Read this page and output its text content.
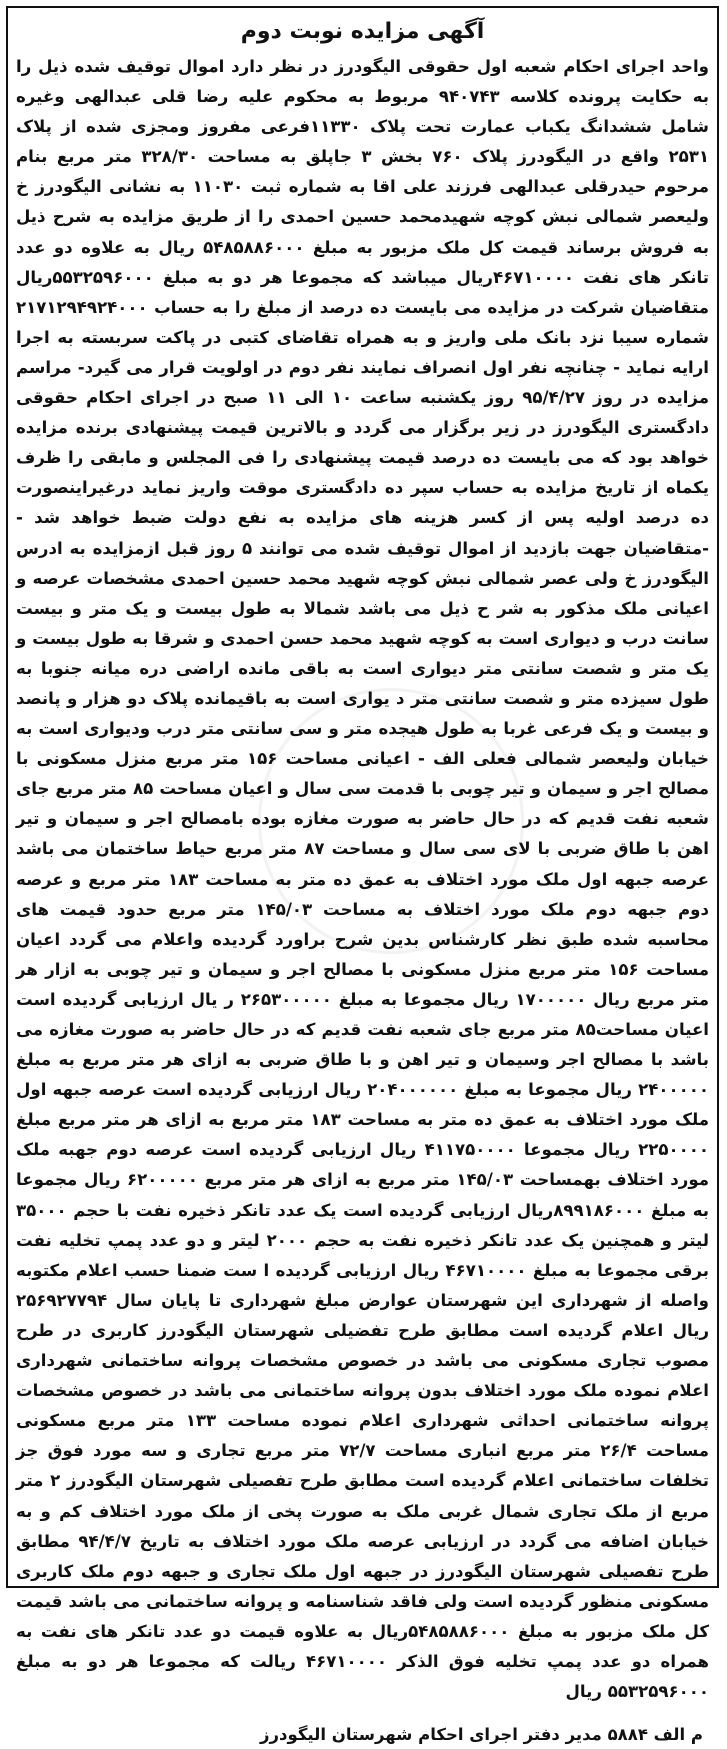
آگهی مزایده نوبت دوم

واحد اجرای احکام شعبه اول حقوقی الیگودرز در نظر دارد اموال توقیف شده ذیل را به حکایت پرونده کلاسه ۹۴۰۷۴۳ مربوط به محکوم علیه رضا قلی عبدالهی وغیره شامل ششدانگ یکباب عمارت تحت پلاک ۱۱۳۳۰فرعی مفروز ومجزی شده از پلاک ۲۵۳۱ واقع در الیگودرز پلاک ۷۶۰ بخش ۳ جاپلق به مساحت ۳۲۸/۳۰ متر مربع بنام مرحوم حیدرقلی عبدالهی فرزند علی اقا به شماره ثبت ۱۱۰۳۰ به نشانی الیگودرز خ ولیعصر شمالی نبش کوچه شهیدمحمد حسین احمدی را از طریق مزایده به شرح ذیل به فروش برساند قیمت کل ملک مزبور به مبلغ ۵۴۸۵۸۸۶۰۰۰ ریال به علاوه دو عدد تانکر های نفت ۴۶۷۱۰۰۰۰ریال میباشد که مجموعا هر دو به مبلغ ۵۵۳۲۵۹۶۰۰۰ریال متقاضیان شرکت در مزایده می بایست ده درصد از مبلغ را به حساب ۲۱۷۱۲۹۴۹۲۴۰۰۰ شماره سیبا نزد بانک ملی واریز و به همراه تقاضای کتبی در پاکت سربسته به اجرا ارایه نماید - چنانچه نفر اول انصراف نمایند نفر دوم در اولویت قرار می گیرد- مراسم مزایده در روز ۹۵/۴/۲۷ روز یکشنبه ساعت ۱۰ الی ۱۱ صبح در اجرای احکام حقوقی دادگستری الیگودرز در زیر برگزار می گردد و بالاترین قیمت پیشنهادی برنده مزایده خواهد بود که می بایست ده درصد قیمت پیشنهادی را فی المجلس و مابقی را ظرف یکماه از تاریخ مزایده به حساب سپر ده دادگستری موقت واریز نماید درغیراینصورت ده درصد اولیه پس از کسر هزینه های مزایده به نفع دولت ضبط خواهد شد - -متقاضیان جهت بازدید از اموال توقیف شده می توانند ۵ روز قبل ازمزایده به ادرس الیگودرز خ ولی عصر شمالی نبش کوچه شهید محمد حسین احمدی مشخصات عرصه و اعیانی ملک مذکور به شر ح ذیل می باشد شمالا به طول بیست و یک متر و بیست سانت درب و دیواری است به کوچه شهید محمد حسن احمدی و شرقا به طول بیست و یک متر و شصت سانتی متر دیواری است به باقی مانده اراضی دره میانه جنوبا به طول سیزده متر و شصت سانتی متر د یواری است به باقیمانده پلاک دو هزار و پانصد و بیست و یک فرعی غربا به طول هیجده متر و سی سانتی متر درب ودیواری است به خیابان ولیعصر شمالی فعلی الف - اعیانی مساحت ۱۵۶ متر مربع منزل مسکونی با مصالح اجر و سیمان و تیر چوبی با قدمت سی سال و اعیان مساحت ۸۵ متر مربع جای شعبه نفت قدیم که در حال حاضر به صورت مغازه بوده بامصالح اجر و سیمان و تیر اهن با طاق ضربی با لای سی سال و مساحت ۸۷ متر مربع حیاط ساختمان می باشد عرصه جبهه اول ملک مورد اختلاف به عمق ده متر به مساحت ۱۸۳ متر مربع و عرصه دوم جبهه دوم ملک مورد اختلاف به مساحت ۱۴۵/۰۳ متر مربع حدود قیمت های محاسبه شده طبق نظر کارشناس بدین شرح براورد گردیده واعلام می گردد اعیان مساحت ۱۵۶ متر مربع منزل مسکونی با مصالح اجر و سیمان و تیر چوبی به ازار هر متر مربع ریال ۱۷۰۰۰۰۰ ریال مجموعا به مبلغ ۲۶۵۳۰۰۰۰۰ ر یال ارزیابی گردیده است اعیان مساحت۸۵ متر مربع جای شعبه نفت قدیم که در حال حاضر به صورت مغازه می باشد با مصالح اجر وسیمان و تیر اهن و با طاق ضربی به ازای هر متر مربع به مبلغ ۲۴۰۰۰۰۰ ریال مجموعا به مبلغ ۲۰۴۰۰۰۰۰۰ ریال ارزیابی گردیده است عرصه جبهه اول ملک مورد اختلاف به عمق ده متر به مساحت ۱۸۳ متر مربع به ازای هر متر مربع مبلغ ۲۲۵۰۰۰۰ ریال مجموعا ۴۱۱۷۵۰۰۰۰ ریال ارزیابی گردیده است عرصه دوم جهبه ملک مورد اختلاف بهمساحت ۱۴۵/۰۳ متر مربع به ازای هر متر مربع ۶۲۰۰۰۰۰ ریال مجموعا به مبلغ ۸۹۹۱۸۶۰۰۰ریال ارزیابی گردیده است یک عدد تانکر ذخیره نفت با حجم ۳۵۰۰۰ لیتر و همچنین یک عدد تانکر ذخیره نفت به حجم ۲۰۰۰ لیتر و دو عدد پمپ تخلیه نفت برقی مجموعا به مبلغ ۴۶۷۱۰۰۰۰ ریال ارزیابی گردیده ا ست ضمنا حسب اعلام مکتوبه واصله از شهرداری این شهرستان عوارض مبلغ شهرداری تا پایان سال ۲۵۶۹۲۷۷۹۴ ریال اعلام گردیده است مطابق طرح تفضیلی شهرستان الیگودرز کاربری در طرح مصوب تجاری مسکونی می باشد در خصوص مشخصات پروانه ساختمانی شهرداری اعلام نموده ملک مورد اختلاف بدون پروانه ساختمانی می باشد در خصوص مشخصات پروانه ساختمانی احداثی شهرداری اعلام نموده مساحت ۱۳۳ متر مربع مسکونی مساحت ۲۶/۴ متر مربع انباری مساحت ۷۲/۷ متر مربع تجاری و سه مورد فوق جز تخلفات ساختمانی اعلام گردیده است مطابق طرح تفصیلی شهرستان الیگودرز ۲ متر مربع از ملک تجاری شمال غربی ملک به صورت پخی از ملک مورد اختلاف کم و به خیابان اضافه می گردد در ارزیابی عرصه ملک مورد اختلاف به تاریخ ۹۴/۴/۷ مطابق طرح تفصیلی شهرستان الیگودرز در جبهه اول ملک تجاری و جبهه دوم ملک کاربری مسکونی منظور گردیده است ولی فاقد شناسنامه و پروانه ساختمانی می باشد قیمت کل ملک مزبور به مبلغ ۵۴۸۵۸۸۶۰۰۰ریال به علاوه قیمت دو عدد تانکر های نفت به همراه دو عدد پمپ تخلیه فوق الذکر ۴۶۷۱۰۰۰۰ ریالت که مجموعا هر دو به مبلغ ۵۵۳۲۵۹۶۰۰۰ ریال

م الف ۵۸۸۴ مدیر دفتر اجرای احکام شهرستان الیگودرز
